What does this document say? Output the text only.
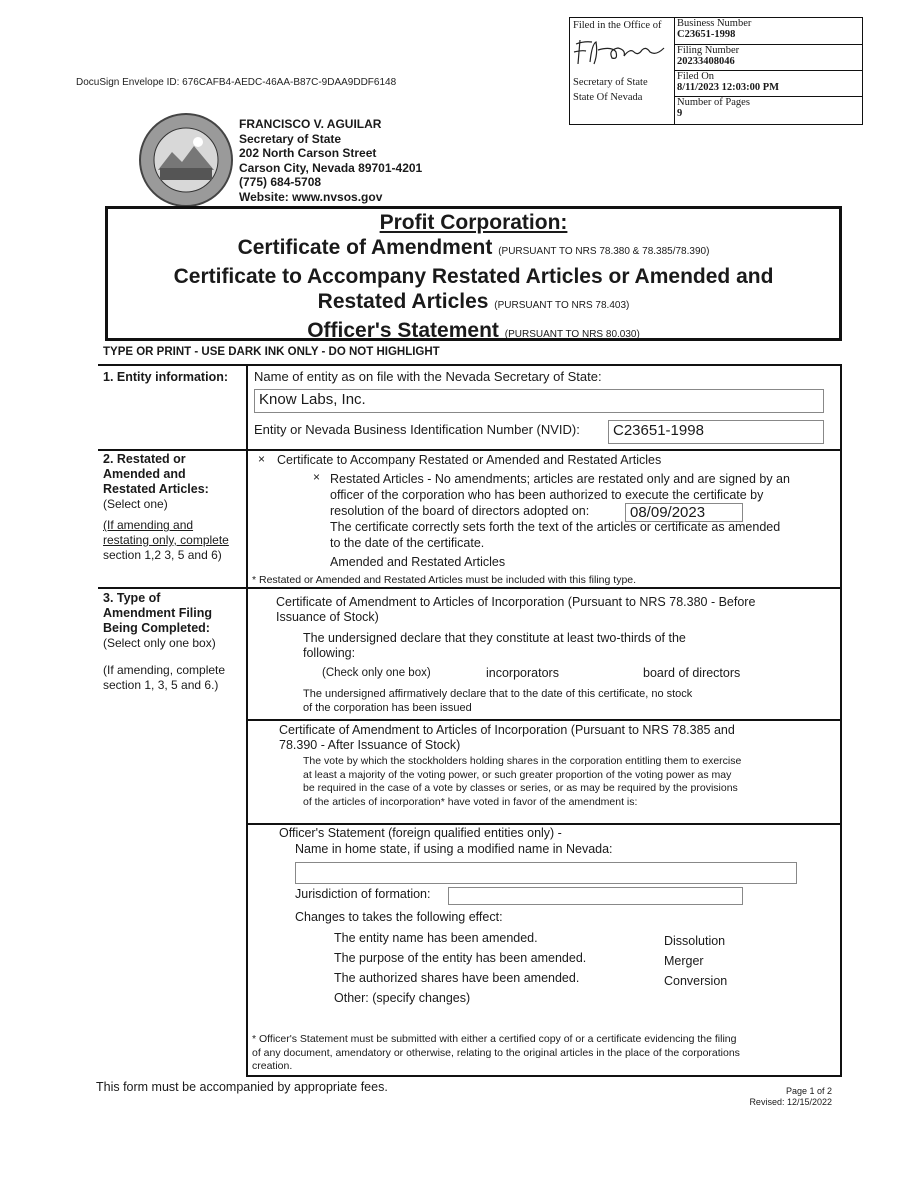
Filed in the Office of
Secretary of State
State Of Nevada
Business Number
C23651-1998
Filing Number
20233408046
Filed On
8/11/2023 12:03:00 PM
Number of Pages
9
DocuSign Envelope ID: 676CAFB4-AEDC-46AA-B87C-9DAA9DDF6148
FRANCISCO V. AGUILAR
Secretary of State
202 North Carson Street
Carson City, Nevada 89701-4201
(775) 684-5708
Website: www.nvsos.gov
Profit Corporation:
Certificate of Amendment (PURSUANT TO NRS 78.380 & 78.385/78.390)
Certificate to Accompany Restated Articles or Amended and
Restated Articles (PURSUANT TO NRS 78.403)
Officer's Statement (PURSUANT TO NRS 80.030)
TYPE OR PRINT - USE DARK INK ONLY - DO NOT HIGHLIGHT
1. Entity information: Name of entity as on file with the Nevada Secretary of State:
Know Labs, Inc.
Entity or Nevada Business Identification Number (NVID):	C23651-1998
2. Restated or
Amended and
Restated Articles:
(Select one)
(If amending and
restating only, complete
section 1,2 3, 5 and 6)
× Certificate to Accompany Restated or Amended and Restated Articles
× Restated Articles - No amendments; articles are restated only and are signed by an
officer of the corporation who has been authorized to execute the certificate by
resolution of the board of directors adopted on:
The certificate correctly sets forth the text of the articles or certificate as amended
to the date of the certificate.
08/09/2023
Amended and Restated Articles
* Restated or Amended and Restated Articles must be included with this filing type.
3. Type of
Amendment Filing
Being Completed:
(Select only one box)
(If amending, complete
section 1, 3, 5 and 6.)
Certificate of Amendment to Articles of Incorporation (Pursuant to NRS 78.380 - Before
Issuance of Stock)
The undersigned declare that they constitute at least two-thirds of the
following:
(Check only one box)	incorporators	board of directors
The undersigned affirmatively declare that to the date of this certificate, no stock
of the corporation has been issued
Certificate of Amendment to Articles of Incorporation (Pursuant to NRS 78.385 and
78.390 - After Issuance of Stock)
The vote by which the stockholders holding shares in the corporation entitling them to exercise
at least a majority of the voting power, or such greater proportion of the voting power as may
be required in the case of a vote by classes or series, or as may be required by the provisions
of the articles of incorporation* have voted in favor of the amendment is:
Officer's Statement (foreign qualified entities only) -
Name in home state, if using a modified name in Nevada:
Jurisdiction of formation:
Changes to takes the following effect:
The entity name has been amended.
The purpose of the entity has been amended.
The authorized shares have been amended.
Other: (specify changes)
Dissolution
Merger
Conversion
* Officer's Statement must be submitted with either a certified copy of or a certificate evidencing the filing
of any document, amendatory or otherwise, relating to the original articles in the place of the corporations
creation.
This form must be accompanied by appropriate fees.	Page 1 of 2
Revised: 12/15/2022
